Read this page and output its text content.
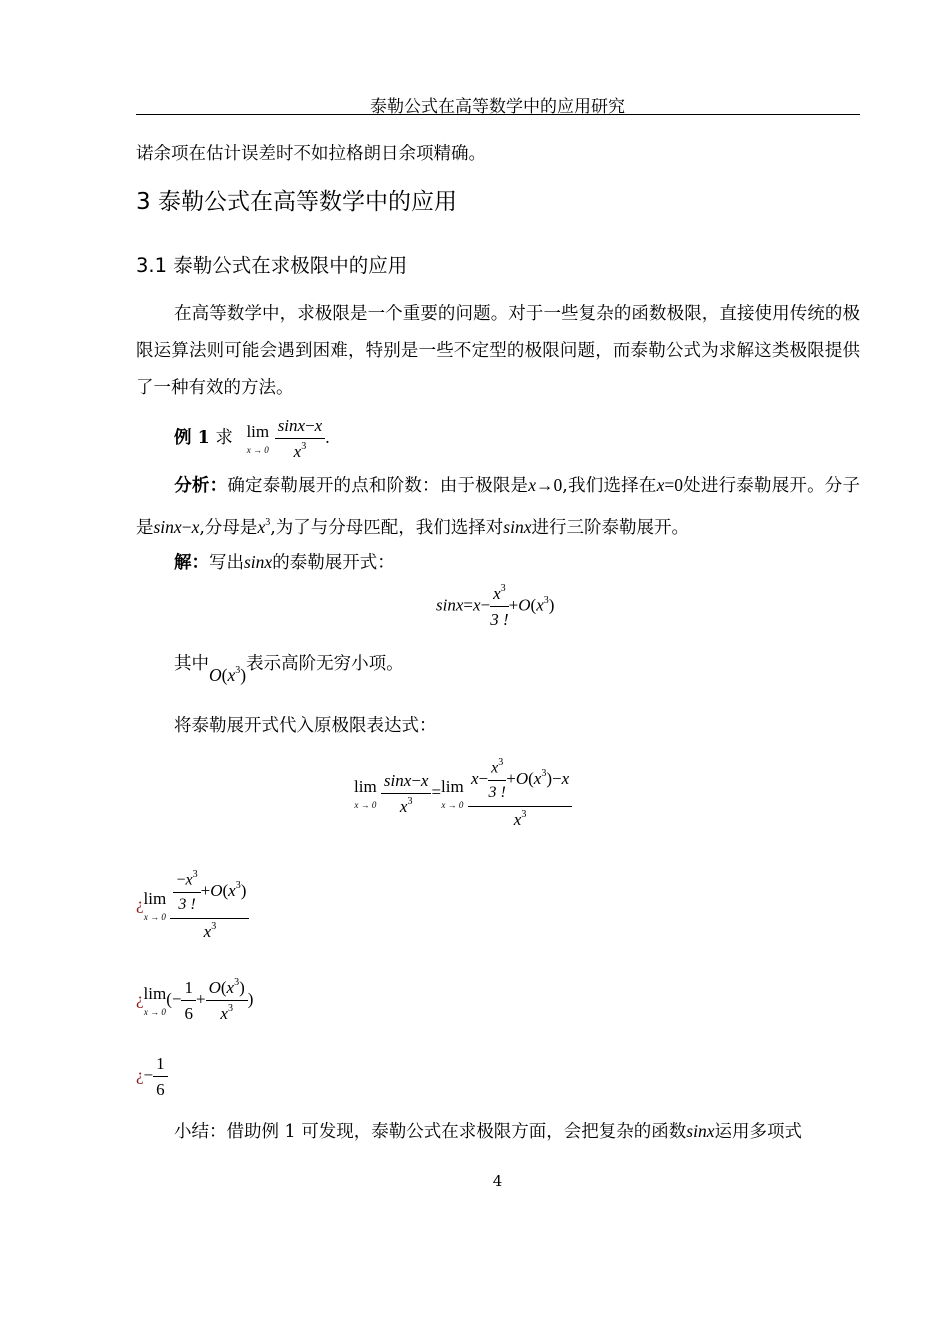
泰勒公式在高等数学中的应用研究
诺余项在估计误差时不如拉格朗日余项精确。
3 泰勒公式在高等数学中的应用
3.1 泰勒公式在求极限中的应用
在高等数学中，求极限是一个重要的问题。对于一些复杂的函数极限，直接使用传统的极限运算法则可能会遇到困难，特别是一些不定型的极限问题，而泰勒公式为求解这类极限提供了一种有效的方法。
例 1 求 lim
x → 0
$\frac{\sin x-x}{x^3}$ .
分析：确定泰勒展开的点和阶数：由于极限是x→0,我们选择在x=0处进行泰勒展开。分子是sinx−x,分母是$x^3$,为了与分母匹配，我们选择对sinx进行三阶泰勒展开。
解：写出sinx的泰勒展开式：
$\sin x=x- \frac{x^3}{3 !} +O(x^3)$
其中$O(x^3)$表示高阶无穷小项。
将泰勒展开式代入原极限表达式：
lim
x → 0
$\frac{\sin x-x}{x^3} = \lim$
x → 0
$\frac{x- \frac{x^3}{3 !} +O(x^3)-x}{x^3}$
¿ lim
x → 0
$\frac{\frac{-x^3}{3 !} +O(x^3)}{x^3}$
¿ lim
x → 0
(− $\frac{1}{6} + \frac{O(x^3)}{x^3}$ )
¿− $\frac{1}{6}$
小结：借助例 1 可发现，泰勒公式在求极限方面，会把复杂的函数sinx运用多项式
4
